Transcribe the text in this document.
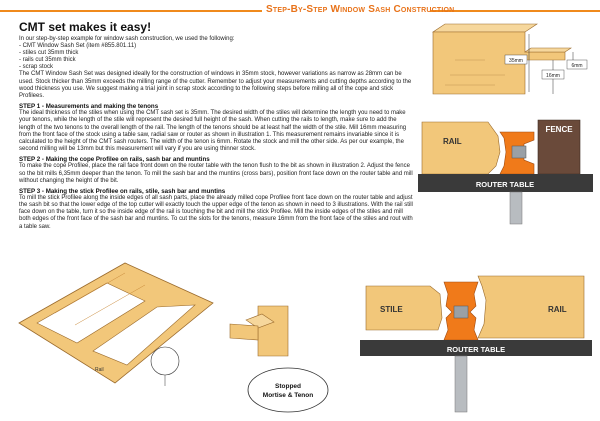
Step-By-Step Window Sash Construction
CMT set makes it easy!

In our step-by-step example for window sash construction, we used the following:

- CMT Window Sash Set (item #855.801.11)

- stiles cut 35mm thick

- rails cut 35mm thick

- scrap stock

The CMT Window Sash Set was designed ideally for the construction of windows in 35mm stock, however variations as narrow as 28mm can be used. Stock thicker than 35mm exceeds the milling range of the cutter. Remember to adjust your measurements and cutting depths according to the wood thickness you use. We suggest making a trial joint in scrap stock according to the following steps before milling all of the cope and stick Profilees.

STEP 1 - Measurements and making the tenons

The ideal thickness of the stiles when using the CMT sash set is 35mm. The desired width of the stiles will determine the length you need to make your tenons, while the length of the stile will represent the desired full height of the sash. When cutting the rails to length, make sure to add the length of the two tenons to the overall length of the rail. The length of the tenons should be at least half the width of the stile. Mill 16mm measuring from the front face of the stock using a table saw, radial saw or router as shown in illustration 1. This measurement remains invariable since it is calculated to the height of the CMT sash routers. The width of the tenon is 6mm. Rotate the stock and mill the other side. As per our example, the second milling will be 13mm but this measurement will vary if you are using thinner stock.

STEP 2 - Making the cope Profilee on rails, sash bar and muntins

To make the cope Profilee, place the rail face front down on the router table with the tenon flush to the bit as shown in illustration 2. Adjust the fence so the bit mills 6,35mm deeper than the tenon. To mill the sash bar and the muntins (cross bars), position front face down on the router table and mill without changing the height of the bit.

STEP 3 - Making the stick Profilee on rails, stile, sash bar and muntins

To mill the stick Profilee along the inside edges of all sash parts, place the already milled cope Profilee front face down on the router table and adjust the sash bit so that the lower edge of the top cutter will exactly touch the upper edge of the tenon as shown in need to 3 illustrations. With the rail still face down on the table, turn it so the inside edge of the rail is touching the bit and mill the stick Profilee. Mill the inside edges of the stiles and mill both edges of the front face of the sash bar and muntins. To cut the slots for the tenons, measure 16mm from the front face of the stiles and rout with a table saw.

35mm
16mm
6mm
FENCE
RAIL
ROUTER TABLE
Rail
Stopped
Mortise & Tenon
STILE	RAIL
ROUTER TABLE
